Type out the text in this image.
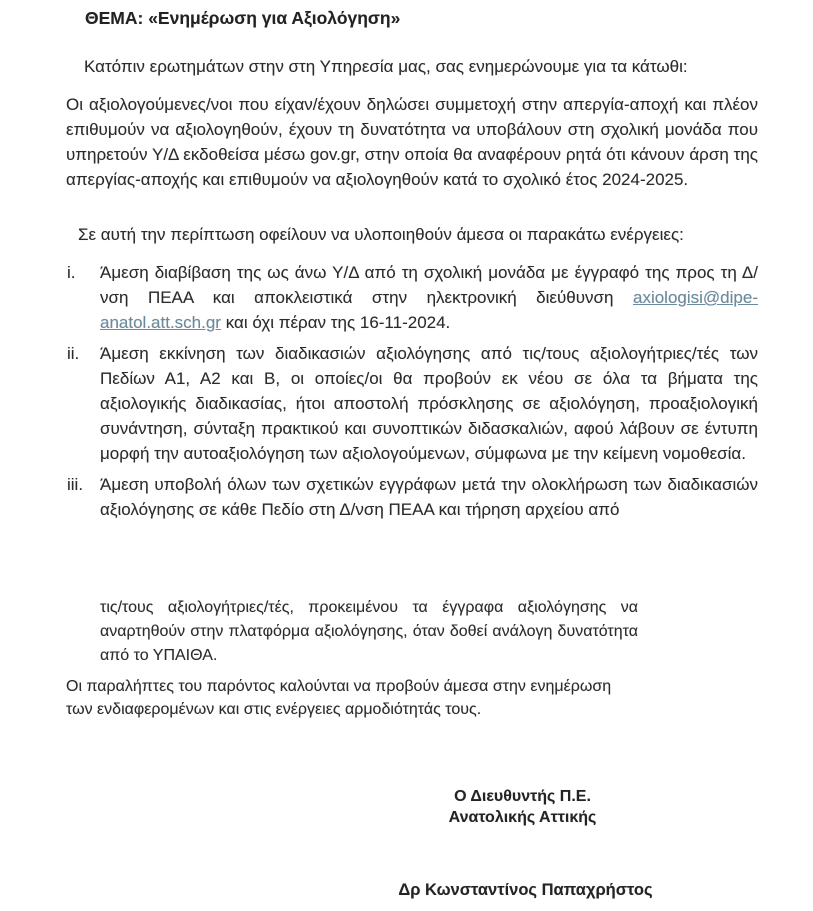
ΘΕΜΑ: «Ενημέρωση για Αξιολόγηση»
Κατόπιν ερωτημάτων στην στη Υπηρεσία μας, σας ενημερώνουμε για τα κάτωθι:
Οι αξιολογούμενες/νοι που είχαν/έχουν δηλώσει συμμετοχή στην απεργία-αποχή και πλέον επιθυμούν να αξιολογηθούν, έχουν τη δυνατότητα να υποβάλουν στη σχολική μονάδα που υπηρετούν Υ/Δ εκδοθείσα μέσω gov.gr, στην οποία θα αναφέρουν ρητά ότι κάνουν άρση της απεργίας-αποχής και επιθυμούν να αξιολογηθούν κατά το σχολικό έτος 2024-2025.
Σε αυτή την περίπτωση οφείλουν να υλοποιηθούν άμεσα οι παρακάτω ενέργειες:
i.	Άμεση διαβίβαση της ως άνω Υ/Δ από τη σχολική μονάδα με έγγραφό της προς τη Δ/νση ΠΕΑΑ και αποκλειστικά στην ηλεκτρονική διεύθυνση axiologisi@dipe-anatol.att.sch.gr και όχι πέραν της 16-11-2024.
ii.	Άμεση εκκίνηση των διαδικασιών αξιολόγησης από τις/τους αξιολογήτριες/τές των Πεδίων Α1, Α2 και Β, οι οποίες/οι θα προβούν εκ νέου σε όλα τα βήματα της αξιολογικής διαδικασίας, ήτοι αποστολή πρόσκλησης σε αξιολόγηση, προαξιολογική συνάντηση, σύνταξη πρακτικού και συνοπτικών διδασκαλιών, αφού λάβουν σε έντυπη μορφή την αυτοαξιολόγηση των αξιολογούμενων, σύμφωνα με την κείμενη νομοθεσία.
iii. Άμεση υποβολή όλων των σχετικών εγγράφων μετά την ολοκλήρωση των διαδικασιών αξιολόγησης σε κάθε Πεδίο στη Δ/νση ΠΕΑΑ και τήρηση αρχείου από
τις/τους αξιολογήτριες/τές, προκειμένου τα έγγραφα αξιολόγησης να αναρτηθούν στην πλατφόρμα αξιολόγησης, όταν δοθεί ανάλογη δυνατότητα από το ΥΠΑΙΘΑ.
Οι παραλήπτες του παρόντος καλούνται να προβούν άμεσα στην ενημέρωση των ενδιαφερομένων και στις ενέργειες αρμοδιότητάς τους.
Ο Διευθυντής Π.Ε.
Ανατολικής Αττικής
Δρ Κωνσταντίνος Παπαχρήστος
